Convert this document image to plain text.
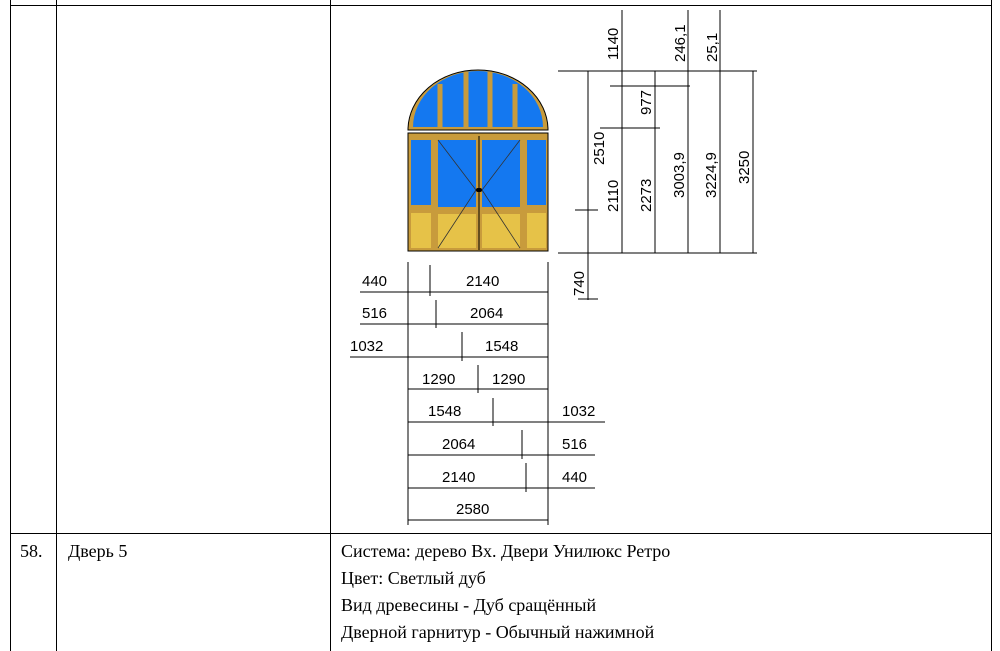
58. Дверь 5	Система: дерево Вх. Двери Унилюкс Ретро
Цвет: Светлый дуб
Вид древесины - Дуб сращённый
Дверной гарнитур - Обычный нажимной
1140	246,1 25,1
2510
977
2110 2273 3003,9 3224,9 3250
740
440	2140
516	2064
1032	1548
1290 1290
1548	1032
2064	516
2140	440
2580
